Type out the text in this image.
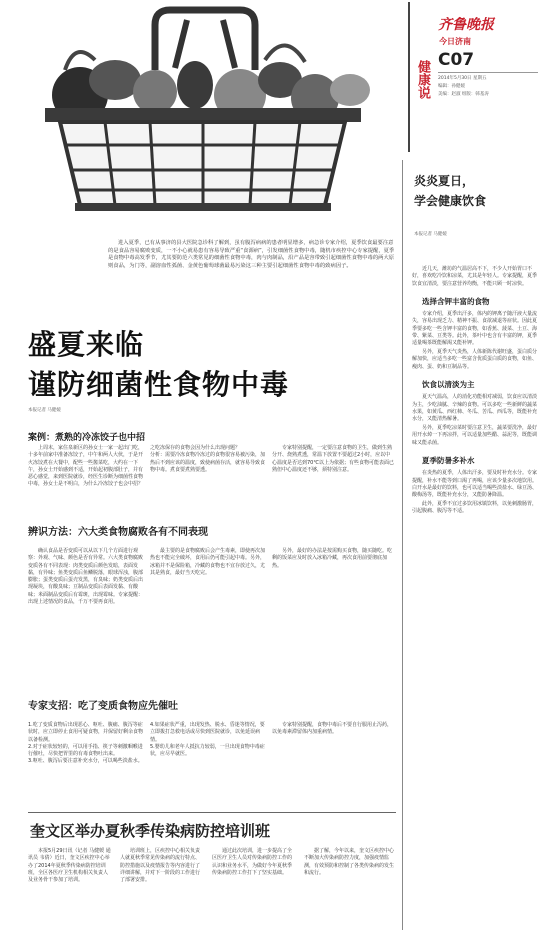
健康说
齐鲁晚报
今日济南
C07
2014年5月30日 星期五
编辑：孙健媛
美编：赵淑 组版：韩基涛
炎炎夏日，
学会健康饮食
本报记者 马健媛

近几天，潍坊的气温居高不下，不少人开始胃口不好，喜欢吃冷饮和凉菜，尤其是年轻人。专家提醒，夏季饮食宜清淡，要注意营养均衡，不能只顾一时凉快。

选择含钾丰富的食物

专家介绍，夏季出汗多，体内的钾离子随汗液大量流失，容易出现乏力、精神不振、食欲减退等症状。因此夏季要多吃一些含钾丰富的食物，如香蕉、菠菜、土豆、海带、紫菜、豆类等。此外，茶叶中也含有丰富的钾，夏季适量喝茶既能解渴又能补钾。

另外，夏季天气炎热，人体新陈代谢旺盛，蛋白质分解加快，应适当多吃一些富含优质蛋白质的食物，如鱼、瘦肉、蛋、奶和豆制品等。

饮食以清淡为主

夏天气温高，人的消化功能相对减弱，饮食应以清淡为主，少吃油腻、辛辣的食物。可以多吃一些新鲜的蔬菜水果，如黄瓜、西红柿、冬瓜、苦瓜、西瓜等，既能补充水分，又能清热解暑。

另外，夏季吃凉菜时要注意卫生，蔬菜要洗净，最好用开水焯一下再凉拌，可以适量加些醋、蒜泥等，既能调味又能杀菌。

夏季防暑多补水

在炎热的夏季，人体出汗多，要及时补充水分。专家提醒，补水不能等到口渴了再喝，应该少量多次地饮用。白开水是最好的饮料，也可以适当喝些淡盐水、绿豆汤、酸梅汤等，既能补充水分，又能防暑降温。

此外，夏季不宜过多饮用冰镇饮料，以免刺激肠胃，引起腹痛、腹泻等不适。

进入夏季，已有从事济的县大医院急诊科了解到，虽有腹泻病病的患者明显增多，病急诊专家介绍，夏季饮食最要注意的是食品容易腐败变质，一不小心就易患有容易导致严重“食源病”，引发细菌性食物中毒，随机市疾控中心专家提醒，夏季是食物中毒高发季节，尤其要防范六类常见的细菌性食物中毒，肉与肉制品，沿产品是容带致引起细菌性食物中毒的两大原则食品，为门等，副溶血性弧菌、金黄色葡萄球菌最易污染这三种主要引起细菌性食物中毒的致病因子。
盛夏来临
谨防细菌性食物中毒
本报记者 马健媛
案例：煮熟的冷冻饺子也中招
上周末，家住泉新区的孙女士一家一起出门吃，十多年前家中准备冻饺子，中午和两人大伙，于是开火冻饺煮在大餐中，配些一些酱菜吃，大约在一下午，孙女士开始感到不适，开始起初腹部肚子，并有恶心感觉，来到医院就诊，经医生诊断为细菌性食物中毒，孙女士是不明白，为什么冷冻饺子也会中招？
之吃冻保存的食物会因为什么出现问题？
分析：需要冷冻食物冷冻过的食物很容易被污染，加热后不到应该的温度，致使病菌存活，就容易导致食物中毒。煮食要煮熟要透。
专家特别提醒，一定要注意食物的卫生，做到生熟分开、烧熟煮透，常温下放置不要超过2小时，应以中心温度是否达到70℃以上为依据；有些食物可能表面已熟但中心温度还不够，须特别注意。
辨识方法：六大类食物腐败各有不同表现
确认食品是否变质可以从以下几个方面进行观察：外观、气味、颜色是否有异常。六大类食物腐败变质各有不同表现：肉类变质后颜色发暗，表面发黏，有异味；鱼类变质后鱼鳞脱落，眼球浑浊，腹部膨胀；蛋类变质后蛋壳发黑，有臭味；奶类变质后出现凝块，有酸臭味；豆制品变质后表面发黏、有酸味；米面制品变质后有霉斑，出现霉味。专家提醒：出现上述情况的食品，千万不要再食用。
最主要的是食物腐败后会产生毒素，即使再次加热也不能完全破坏，食用后仍可能引起中毒。另外，冰箱并不是保险箱，冷藏的食物也不宜存放过久，尤其是熟食，最好当天吃完。
另外，最好的办法是按需购买食物，随买随吃。吃剩的饭菜应及时放入冰箱冷藏，再次食用前要彻底加热。
专家支招：吃了变质食物应先催吐
1.吃了变质食物后出现恶心、呕吐、腹痛、腹泻等症状时，应立即停止食用可疑食物，并保留好剩余食物以备检测。
2.对于症状较轻的，可以用手指、筷子等刺激咽喉进行催吐，尽快把胃里的有毒食物吐出来。
3.呕吐、腹泻后要注意补充水分，可以喝些淡盐水。
4.如果症状严重，出现发热、脱水、昏迷等情况，要立即拨打急救电话或尽快到医院就诊，以免延误病情。
5.婴幼儿和老年人抵抗力较弱，一旦出现食物中毒症状，应尽早就医。
专家特别提醒，食物中毒后不要自行服用止泻药，以免毒素滞留体内加重病情。
奎文区举办夏秋季传染病防控培训班
本报5月29日讯（记者 马健媛 通讯员 韦倩）近日，奎文区疾控中心举办了2014年夏秋季传染病防控培训班，全区各医疗卫生机构相关负责人及业务骨干参加了培训。
培训班上，区疾控中心相关负责人就夏秋季常见传染病的流行特点、防控措施以及疫情报告等内容进行了详细讲解，并对下一阶段的工作进行了部署安排。
通过此次培训，进一步提高了全区医疗卫生人员对传染病防控工作的认识和业务水平，为做好今年夏秋季传染病防控工作打下了坚实基础。
据了解，今年以来，奎文区疾控中心不断加大传染病防控力度，加强疫情监测，有效预防和控制了各类传染病的发生和流行。
